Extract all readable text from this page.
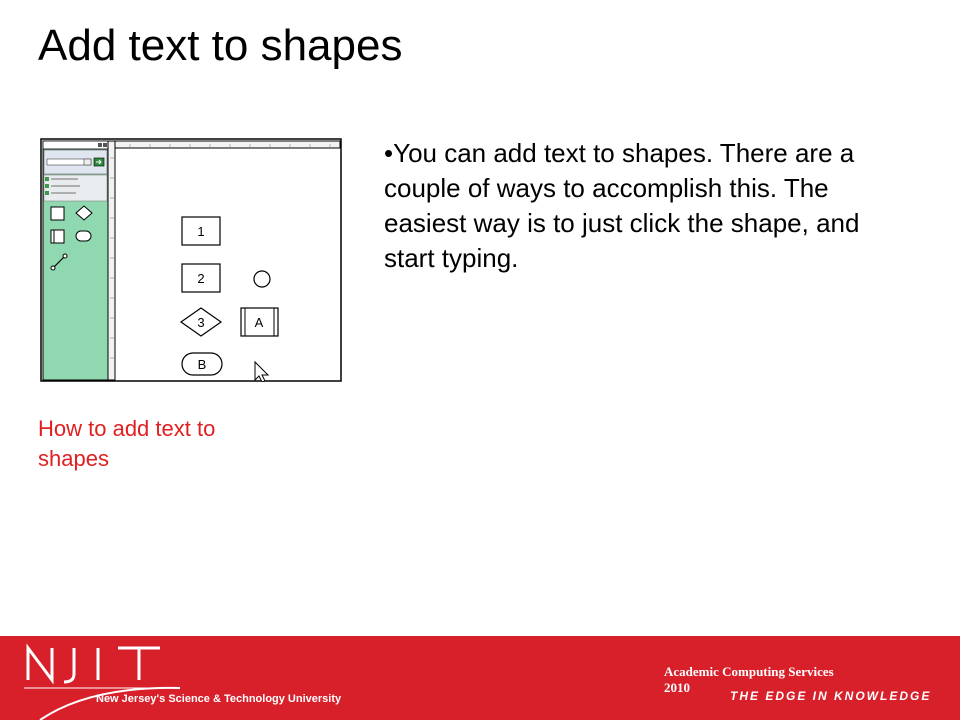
Add text to shapes
•You can add text to shapes. There are a couple of ways to accomplish this. The easiest way is to just click the shape, and start typing.
How to add text to shapes
1
2
3	A
B
New Jersey's Science & Technology University
Academic Computing Services
2010
THE EDGE IN KNOWLEDGE
